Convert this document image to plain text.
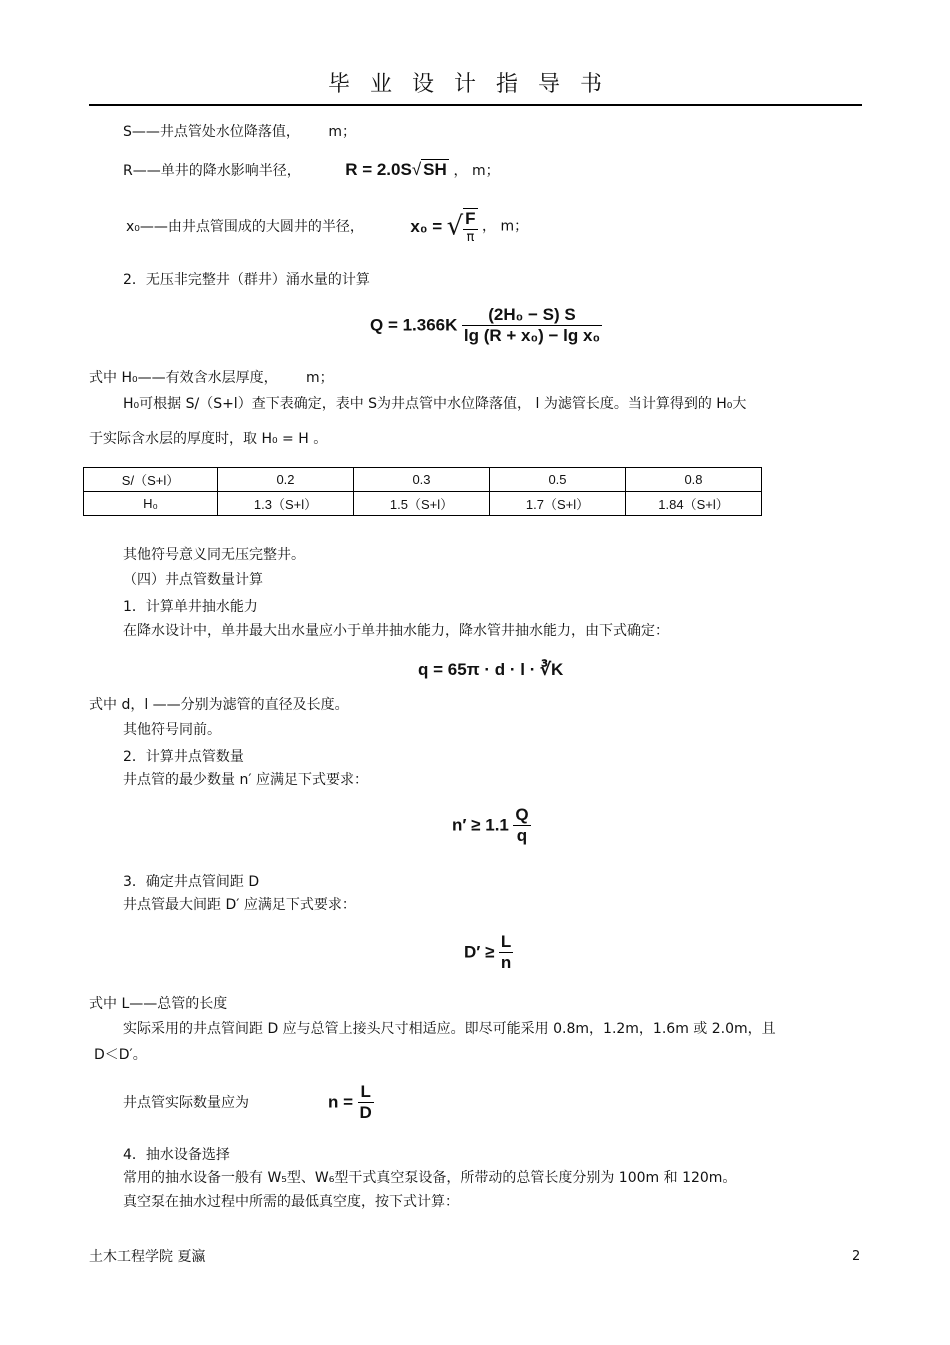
毕业设计指导书
S——井点管处水位降落值， m；
R——单井的降水影响半径，	R = 2.0S√ SH ， m；
x₀——由井点管围成的大圆井的半径，	x₀ = √ $\frac{F}{\pi}$ ， m；
2．无压非完整井（群井）涌水量的计算
$Q = 1.366K \frac{\text{(2H₀ − S) S}}{\text{lg (R + x₀) − lg x₀}}$
式中 H₀——有效含水层厚度， m；
H₀可根据 S/（S+l）查下表确定，表中 S为井点管中水位降落值， l 为滤管长度。当计算得到的 H₀大
于实际含水层的厚度时，取 H₀ = H 。
S/（S+l）	0.2	0.3	0.5	0.8
H₀	1.3（S+l）	1.5（S+l）	1.7（S+l）	1.84（S+l）
其他符号意义同无压完整井。
（四）井点管数量计算
1．计算单井抽水能力
在降水设计中，单井最大出水量应小于单井抽水能力，降水管井抽水能力，由下式确定：
q = 65π · d · l · ∛K
式中 d，l ——分别为滤管的直径及长度。
其他符号同前。
2．计算井点管数量
井点管的最少数量 n′ 应满足下式要求：
$n' \ge 1.1 \frac{Q}{q}$
3．确定井点管间距 D
井点管最大间距 D′ 应满足下式要求：
$D' \ge \frac{L}{n}$
式中 L——总管的长度
实际采用的井点管间距 D 应与总管上接头尺寸相适应。即尽可能采用 0.8m，1.2m，1.6m 或 2.0m，且
D＜D′。
井点管实际数量应为	$n = \frac{L}{D}$
4．抽水设备选择
常用的抽水设备一般有 W₅型、W₆型干式真空泵设备，所带动的总管长度分别为 100m 和 120m。
真空泵在抽水过程中所需的最低真空度，按下式计算：
土木工程学院 夏瀛	2
